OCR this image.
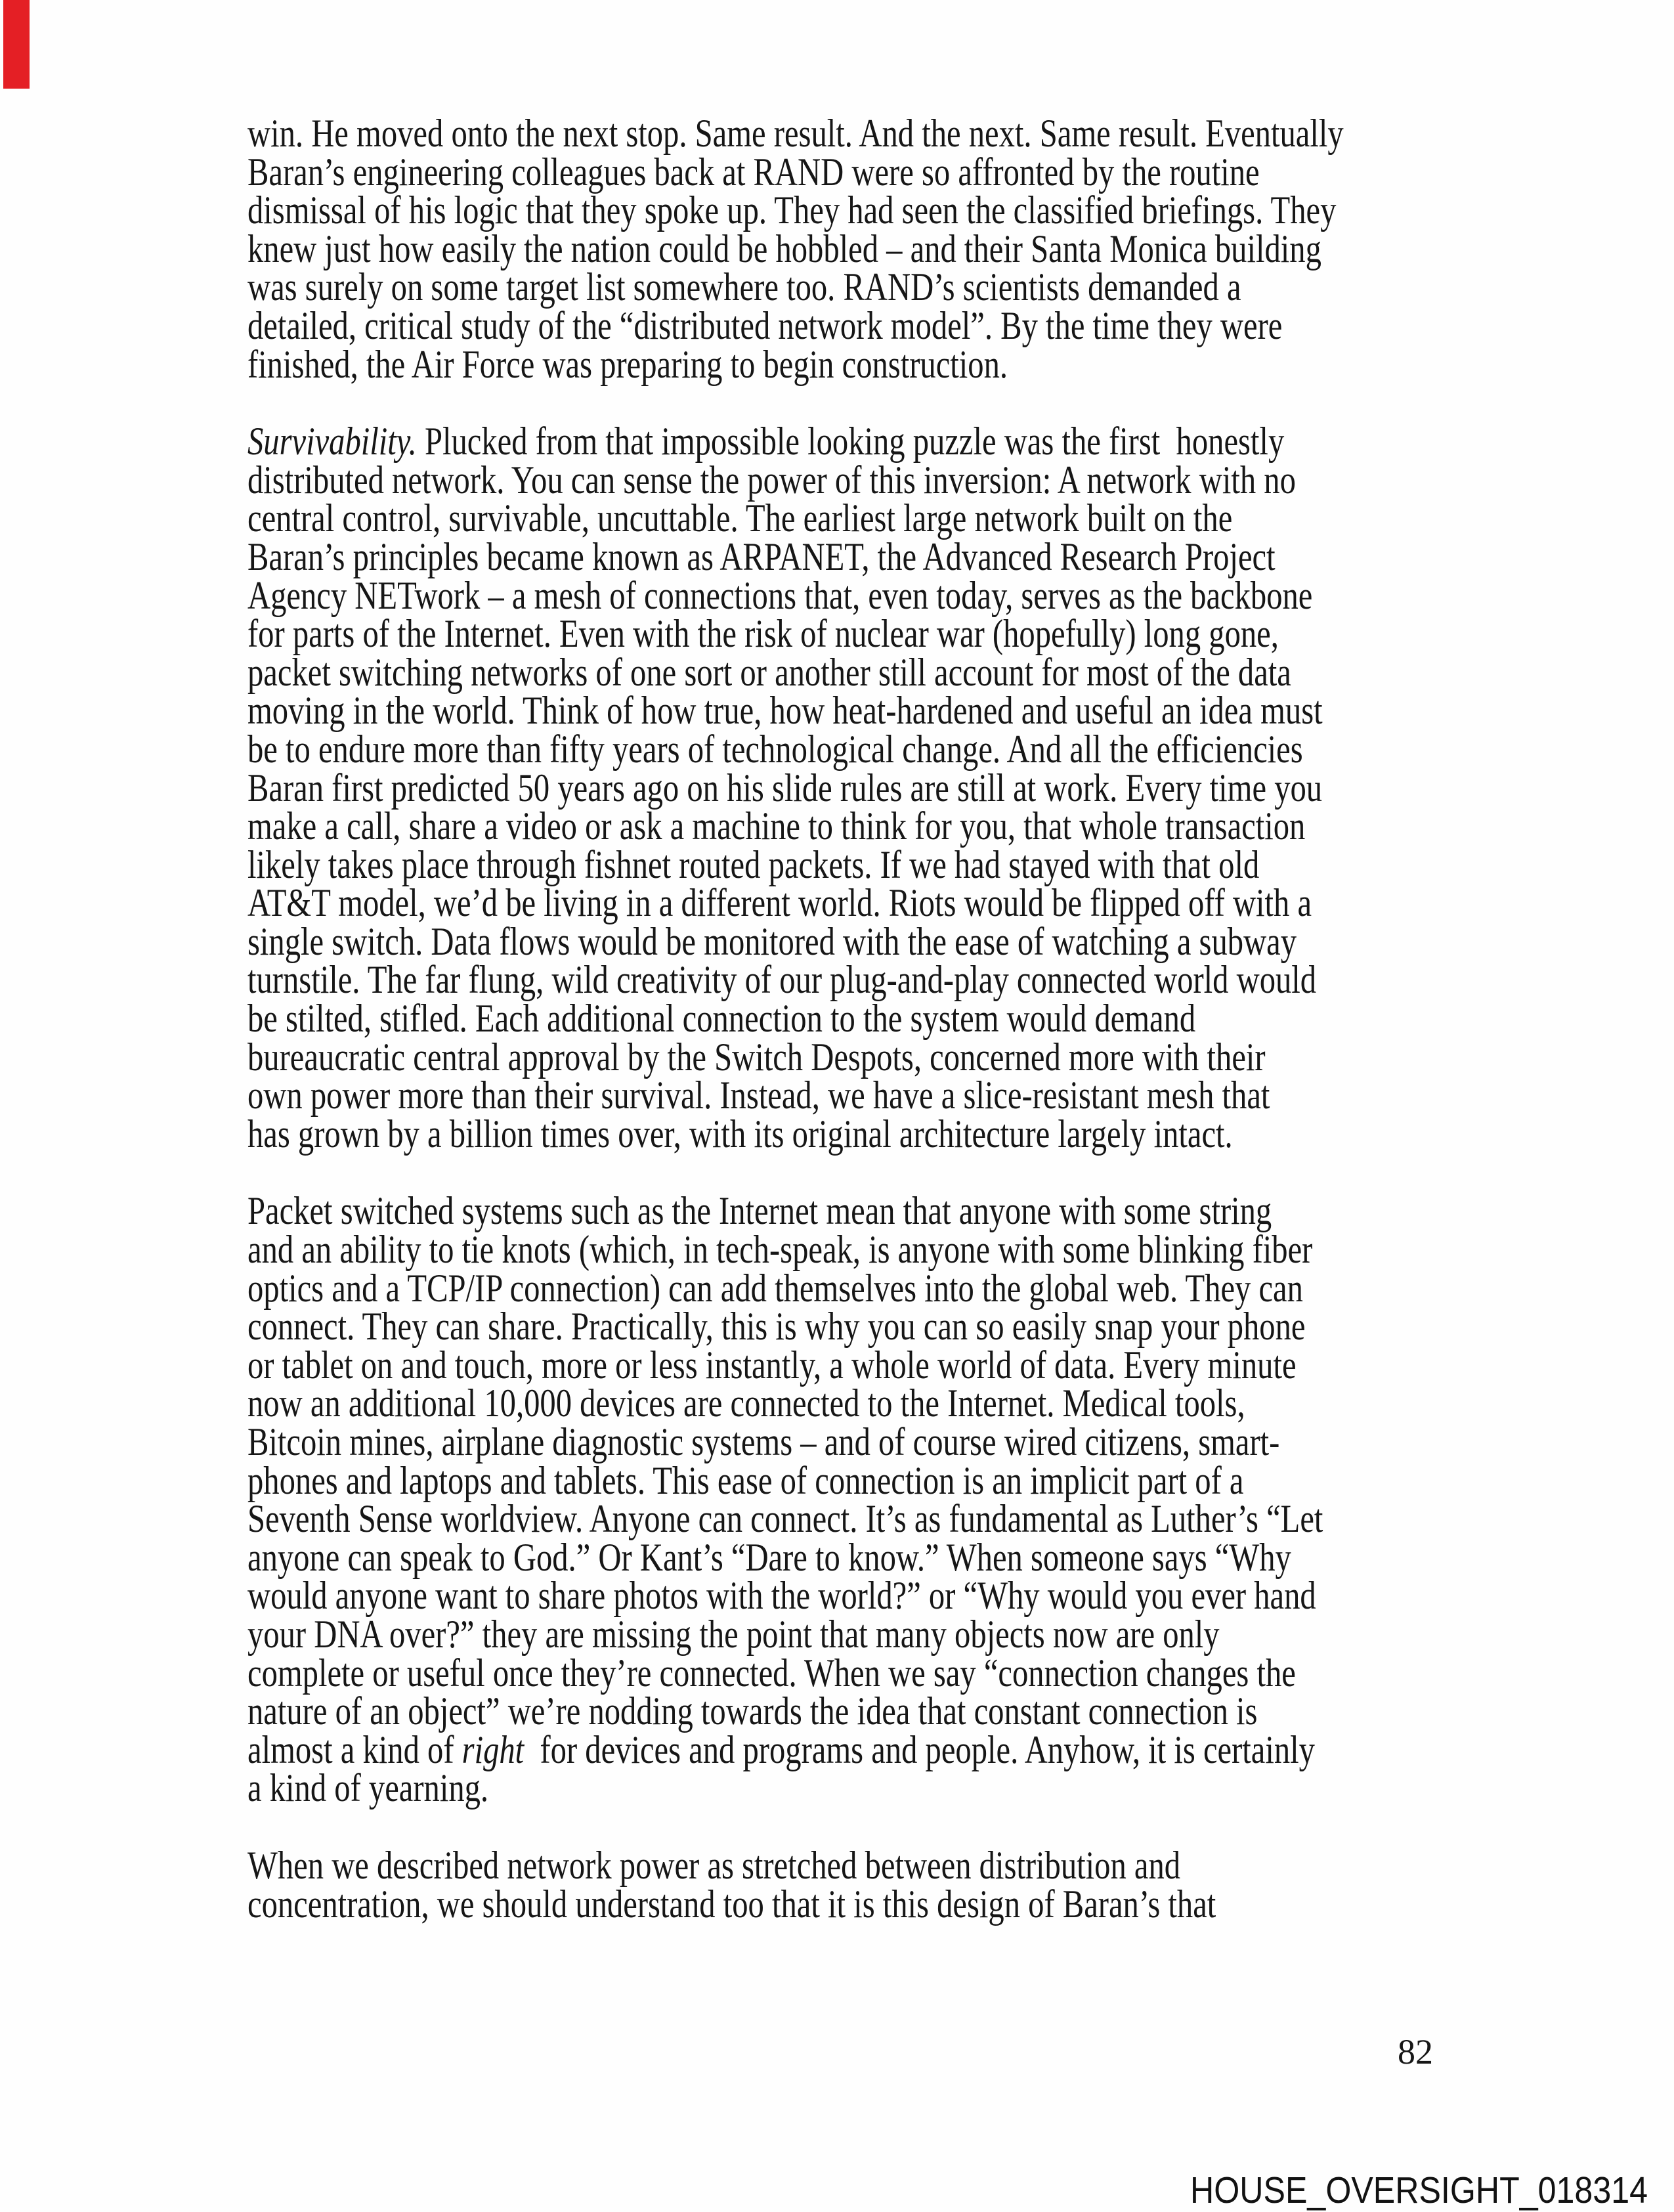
win. He moved onto the next stop. Same result. And the next. Same result. Eventually
Baran’s engineering colleagues back at RAND were so affronted by the routine
dismissal of his logic that they spoke up. They had seen the classified briefings. They
knew just how easily the nation could be hobbled – and their Santa Monica building
was surely on some target list somewhere too. RAND’s scientists demanded a
detailed, critical study of the “distributed network model”. By the time they were
finished, the Air Force was preparing to begin construction.
Survivability. Plucked from that impossible looking puzzle was the first  honestly
distributed network. You can sense the power of this inversion: A network with no
central control, survivable, uncuttable. The earliest large network built on the
Baran’s principles became known as ARPANET, the Advanced Research Project
Agency NETwork – a mesh of connections that, even today, serves as the backbone
for parts of the Internet. Even with the risk of nuclear war (hopefully) long gone,
packet switching networks of one sort or another still account for most of the data
moving in the world. Think of how true, how heat-hardened and useful an idea must
be to endure more than fifty years of technological change. And all the efficiencies
Baran first predicted 50 years ago on his slide rules are still at work. Every time you
make a call, share a video or ask a machine to think for you, that whole transaction
likely takes place through fishnet routed packets. If we had stayed with that old
AT&T model, we’d be living in a different world. Riots would be flipped off with a
single switch. Data flows would be monitored with the ease of watching a subway
turnstile. The far flung, wild creativity of our plug-and-play connected world would
be stilted, stifled. Each additional connection to the system would demand
bureaucratic central approval by the Switch Despots, concerned more with their
own power more than their survival. Instead, we have a slice-resistant mesh that
has grown by a billion times over, with its original architecture largely intact.
Packet switched systems such as the Internet mean that anyone with some string
and an ability to tie knots (which, in tech-speak, is anyone with some blinking fiber
optics and a TCP/IP connection) can add themselves into the global web. They can
connect. They can share. Practically, this is why you can so easily snap your phone
or tablet on and touch, more or less instantly, a whole world of data. Every minute
now an additional 10,000 devices are connected to the Internet. Medical tools,
Bitcoin mines, airplane diagnostic systems – and of course wired citizens, smart-
phones and laptops and tablets. This ease of connection is an implicit part of a
Seventh Sense worldview. Anyone can connect. It’s as fundamental as Luther’s “Let
anyone can speak to God.” Or Kant’s “Dare to know.” When someone says “Why
would anyone want to share photos with the world?” or “Why would you ever hand
your DNA over?” they are missing the point that many objects now are only
complete or useful once they’re connected. When we say “connection changes the
nature of an object” we’re nodding towards the idea that constant connection is
almost a kind of right  for devices and programs and people. Anyhow, it is certainly
a kind of yearning.
When we described network power as stretched between distribution and
concentration, we should understand too that it is this design of Baran’s that
82
HOUSE_OVERSIGHT_018314
